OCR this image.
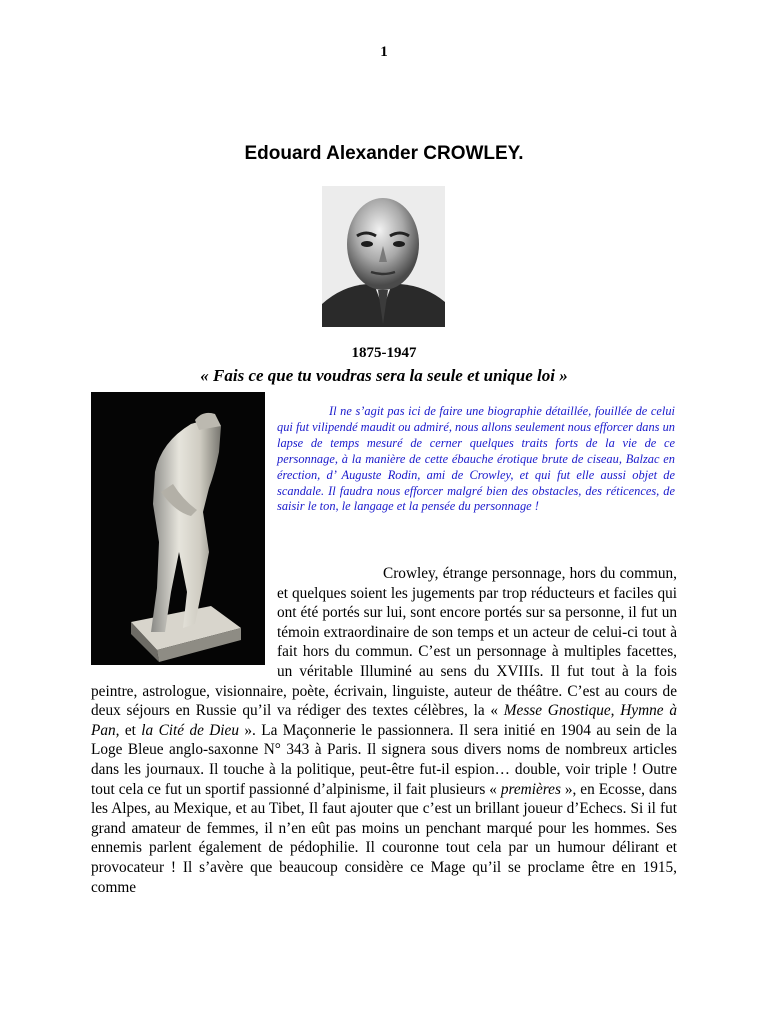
1
Edouard Alexander CROWLEY.
1875-1947
« Fais ce que tu voudras sera la seule et unique loi »

Il ne s’agit pas ici de faire une biographie détaillée, fouillée de celui qui fut vilipendé maudit ou admiré, nous allons seulement nous efforcer dans un lapse de temps mesuré de cerner quelques traits forts de la vie de ce personnage, à la manière de cette ébauche érotique brute de ciseau, Balzac en érection, d’ Auguste Rodin, ami de Crowley, et qui fut elle aussi objet de scandale. Il faudra nous efforcer malgré bien des obstacles, des réticences, de saisir le ton, le langage et la pensée du personnage !

Crowley, étrange personnage, hors du commun, et quelques soient les jugements par trop réducteurs et faciles qui ont été portés sur lui, sont encore portés sur sa personne, il fut un témoin extraordinaire de son temps et un acteur de celui-ci tout à fait hors du commun. C’est un personnage à multiples facettes, un véritable Illuminé au sens du XVIIIs. Il fut tout à la fois peintre, astrologue, visionnaire, poète, écrivain, linguiste, auteur de théâtre. C’est au cours de deux séjours en Russie qu’il va rédiger des textes célèbres, la « Messe Gnostique, Hymne à Pan, et la Cité de Dieu ». La Maçonnerie le passionnera. Il sera initié en 1904 au sein de la Loge Bleue anglo-saxonne N° 343 à Paris. Il signera sous divers noms de nombreux articles dans les journaux. Il touche à la politique, peut-être fut-il espion… double, voir triple ! Outre tout cela ce fut un sportif passionné d’alpinisme, il fait plusieurs « premières », en Ecosse, dans les Alpes, au Mexique, et au Tibet, Il faut ajouter que c’est un brillant joueur d’Echecs. Si il fut grand amateur de femmes, il n’en eût pas moins un penchant marqué pour les hommes. Ses ennemis parlent également de pédophilie. Il couronne tout cela par un humour délirant et provocateur ! Il s’avère que beaucoup considère ce Mage qu’il se proclame être en 1915, comme
